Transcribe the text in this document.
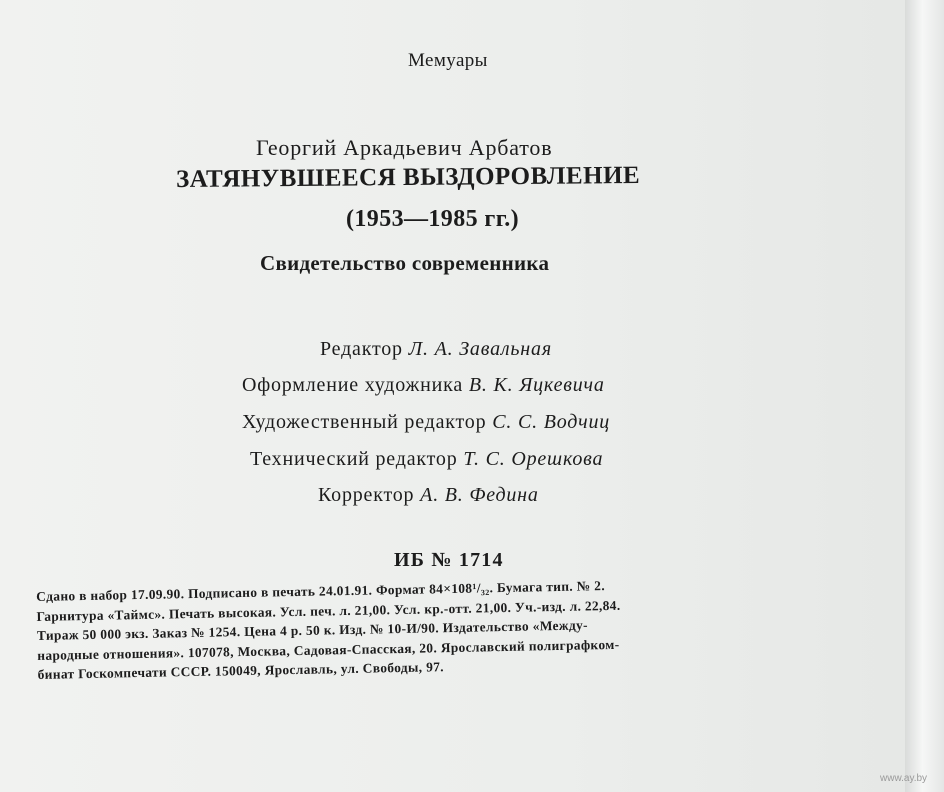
Мемуары
Георгий Аркадьевич Арбатов
ЗАТЯНУВШЕЕСЯ ВЫЗДОРОВЛЕНИЕ
(1953—1985 гг.)
Свидетельство современника
Редактор Л. А. Завальная
Оформление художника В. К. Яцкевича
Художественный редактор С. С. Водчиц
Технический редактор Т. С. Орешкова
Корректор А. В. Федина
ИБ № 1714
Сдано в набор 17.09.90. Подписано в печать 24.01.91. Формат 84×108¹/₃₂. Бумага тип. № 2.
Гарнитура «Таймс». Печать высокая. Усл. печ. л. 21,00. Усл. кр.-отт. 21,00. Уч.-изд. л. 22,84.
Тираж 50 000 экз. Заказ № 1254. Цена 4 р. 50 к. Изд. № 10-И/90. Издательство «Между-
народные отношения». 107078, Москва, Садовая-Спасская, 20. Ярославский полиграфком-
бинат Госкомпечати СССР. 150049, Ярославль, ул. Свободы, 97.
www.ay.by
